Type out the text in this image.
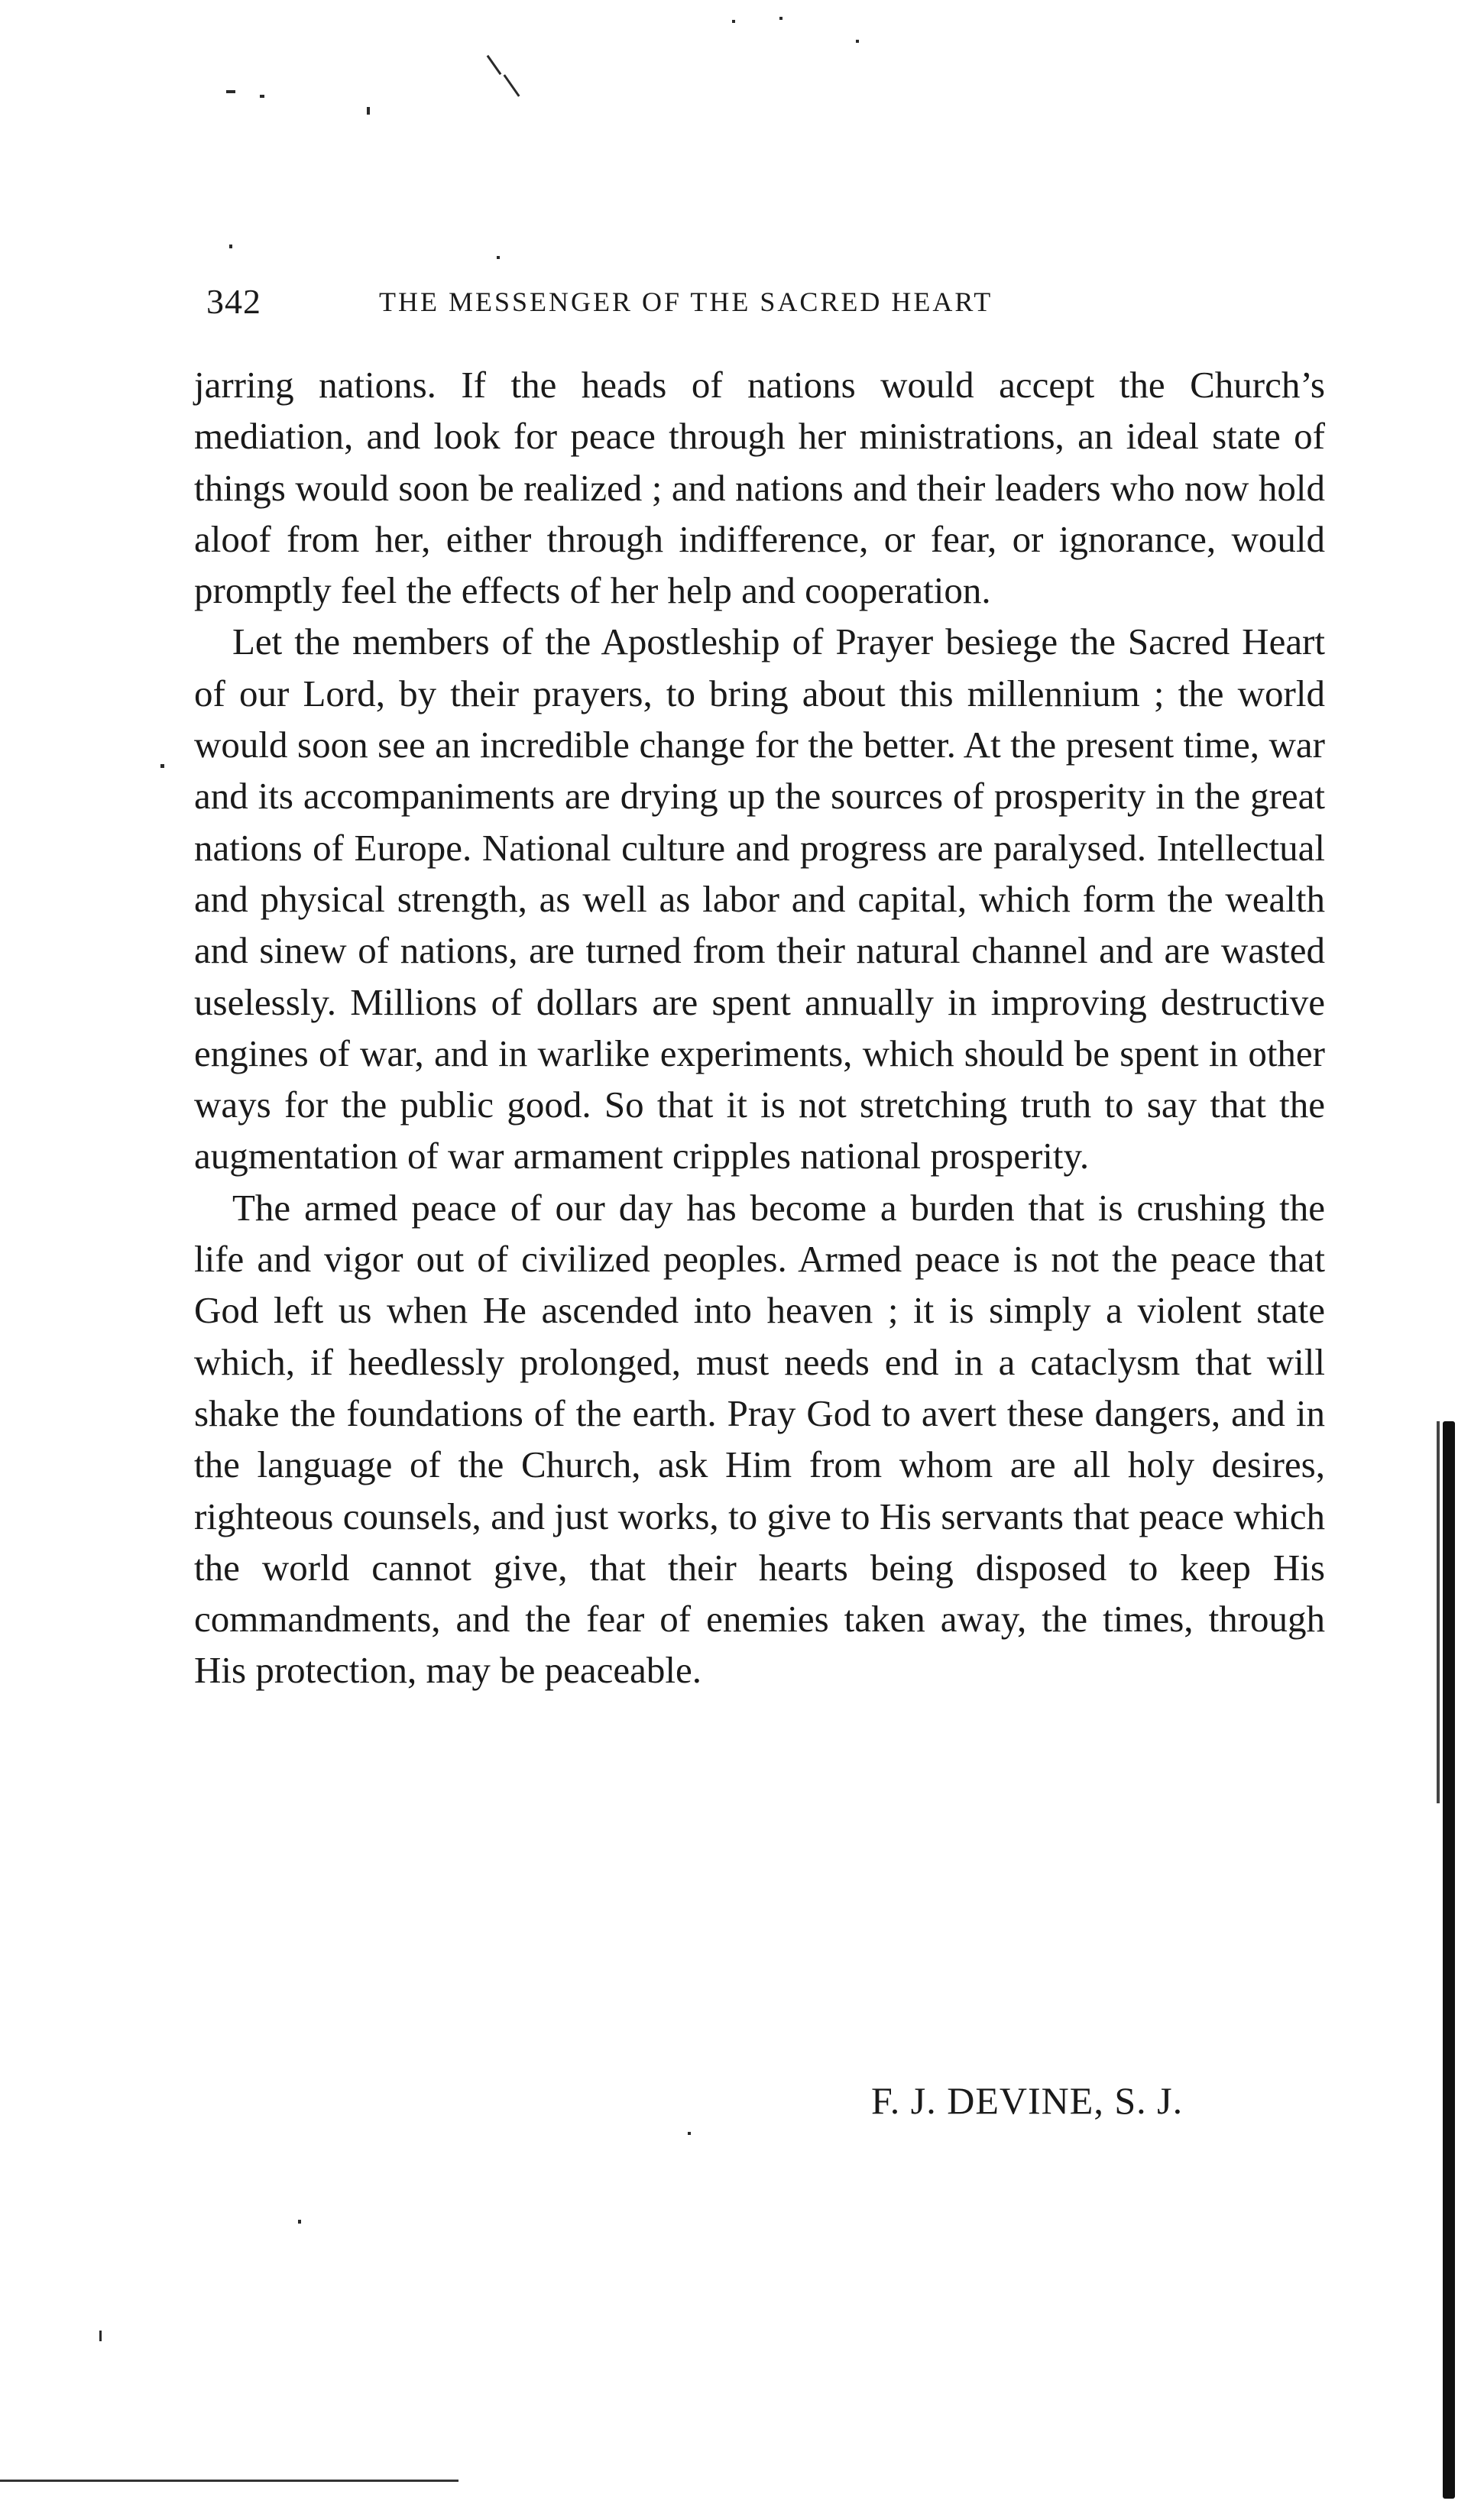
342	THE MESSENGER OF THE SACRED HEART

jarring nations. If the heads of nations would accept the Church’s mediation, and look for peace through her ministrations, an ideal state of things would soon be realized ; and nations and their leaders who now hold aloof from her, either through indifference, or fear, or ignorance, would promptly feel the effects of her help and cooperation.

Let the members of the Apostleship of Prayer besiege the Sacred Heart of our Lord, by their prayers, to bring about this millennium ; the world would soon see an incredible change for the better. At the present time, war and its accompaniments are drying up the sources of prosperity in the great nations of Europe. National culture and progress are paralysed. Intellectual and physical strength, as well as labor and capital, which form the wealth and sinew of nations, are turned from their natural channel and are wasted uselessly. Millions of dollars are spent annually in improving destructive engines of war, and in warlike experiments, which should be spent in other ways for the public good. So that it is not stretching truth to say that the augmentation of war armament cripples national prosperity.

The armed peace of our day has become a burden that is crushing the life and vigor out of civilized peoples. Armed peace is not the peace that God left us when He ascended into heaven ; it is simply a violent state which, if heedlessly prolonged, must needs end in a cataclysm that will shake the foundations of the earth. Pray God to avert these dangers, and in the language of the Church, ask Him from whom are all holy desires, righteous counsels, and just works, to give to His servants that peace which the world cannot give, that their hearts being disposed to keep His commandments, and the fear of enemies taken away, the times, through His protection, may be peaceable.

F. J. DEVINE, S. J.
